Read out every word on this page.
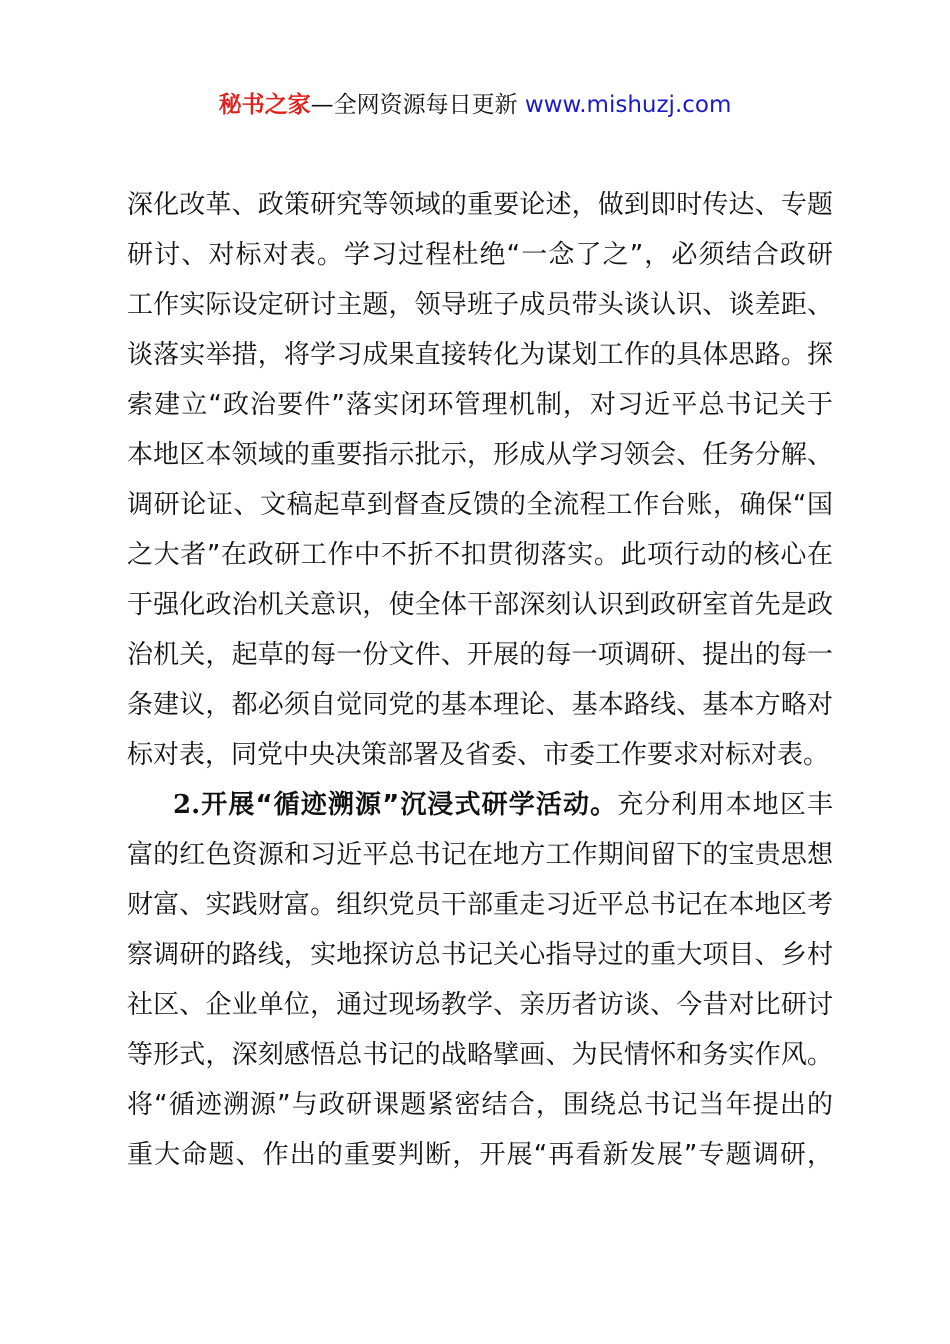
秘书之家—全网资源每日更新 www.mishuzj.com
深化改革、政策研究等领域的重要论述，做到即时传达、专题
研讨、对标对表。学习过程杜绝“一念了之”，必须结合政研
工作实际设定研讨主题，领导班子成员带头谈认识、谈差距、
谈落实举措，将学习成果直接转化为谋划工作的具体思路。探
索建立“政治要件”落实闭环管理机制，对习近平总书记关于
本地区本领域的重要指示批示，形成从学习领会、任务分解、
调研论证、文稿起草到督查反馈的全流程工作台账，确保“国
之大者”在政研工作中不折不扣贯彻落实。此项行动的核心在
于强化政治机关意识，使全体干部深刻认识到政研室首先是政
治机关，起草的每一份文件、开展的每一项调研、提出的每一
条建议，都必须自觉同党的基本理论、基本路线、基本方略对
标对表，同党中央决策部署及省委、市委工作要求对标对表。
2.开展“循迹溯源”沉浸式研学活动。充分利用本地区丰
富的红色资源和习近平总书记在地方工作期间留下的宝贵思想
财富、实践财富。组织党员干部重走习近平总书记在本地区考
察调研的路线，实地探访总书记关心指导过的重大项目、乡村
社区、企业单位，通过现场教学、亲历者访谈、今昔对比研讨
等形式，深刻感悟总书记的战略擘画、为民情怀和务实作风。
将“循迹溯源”与政研课题紧密结合，围绕总书记当年提出的
重大命题、作出的重要判断，开展“再看新发展”专题调研，
